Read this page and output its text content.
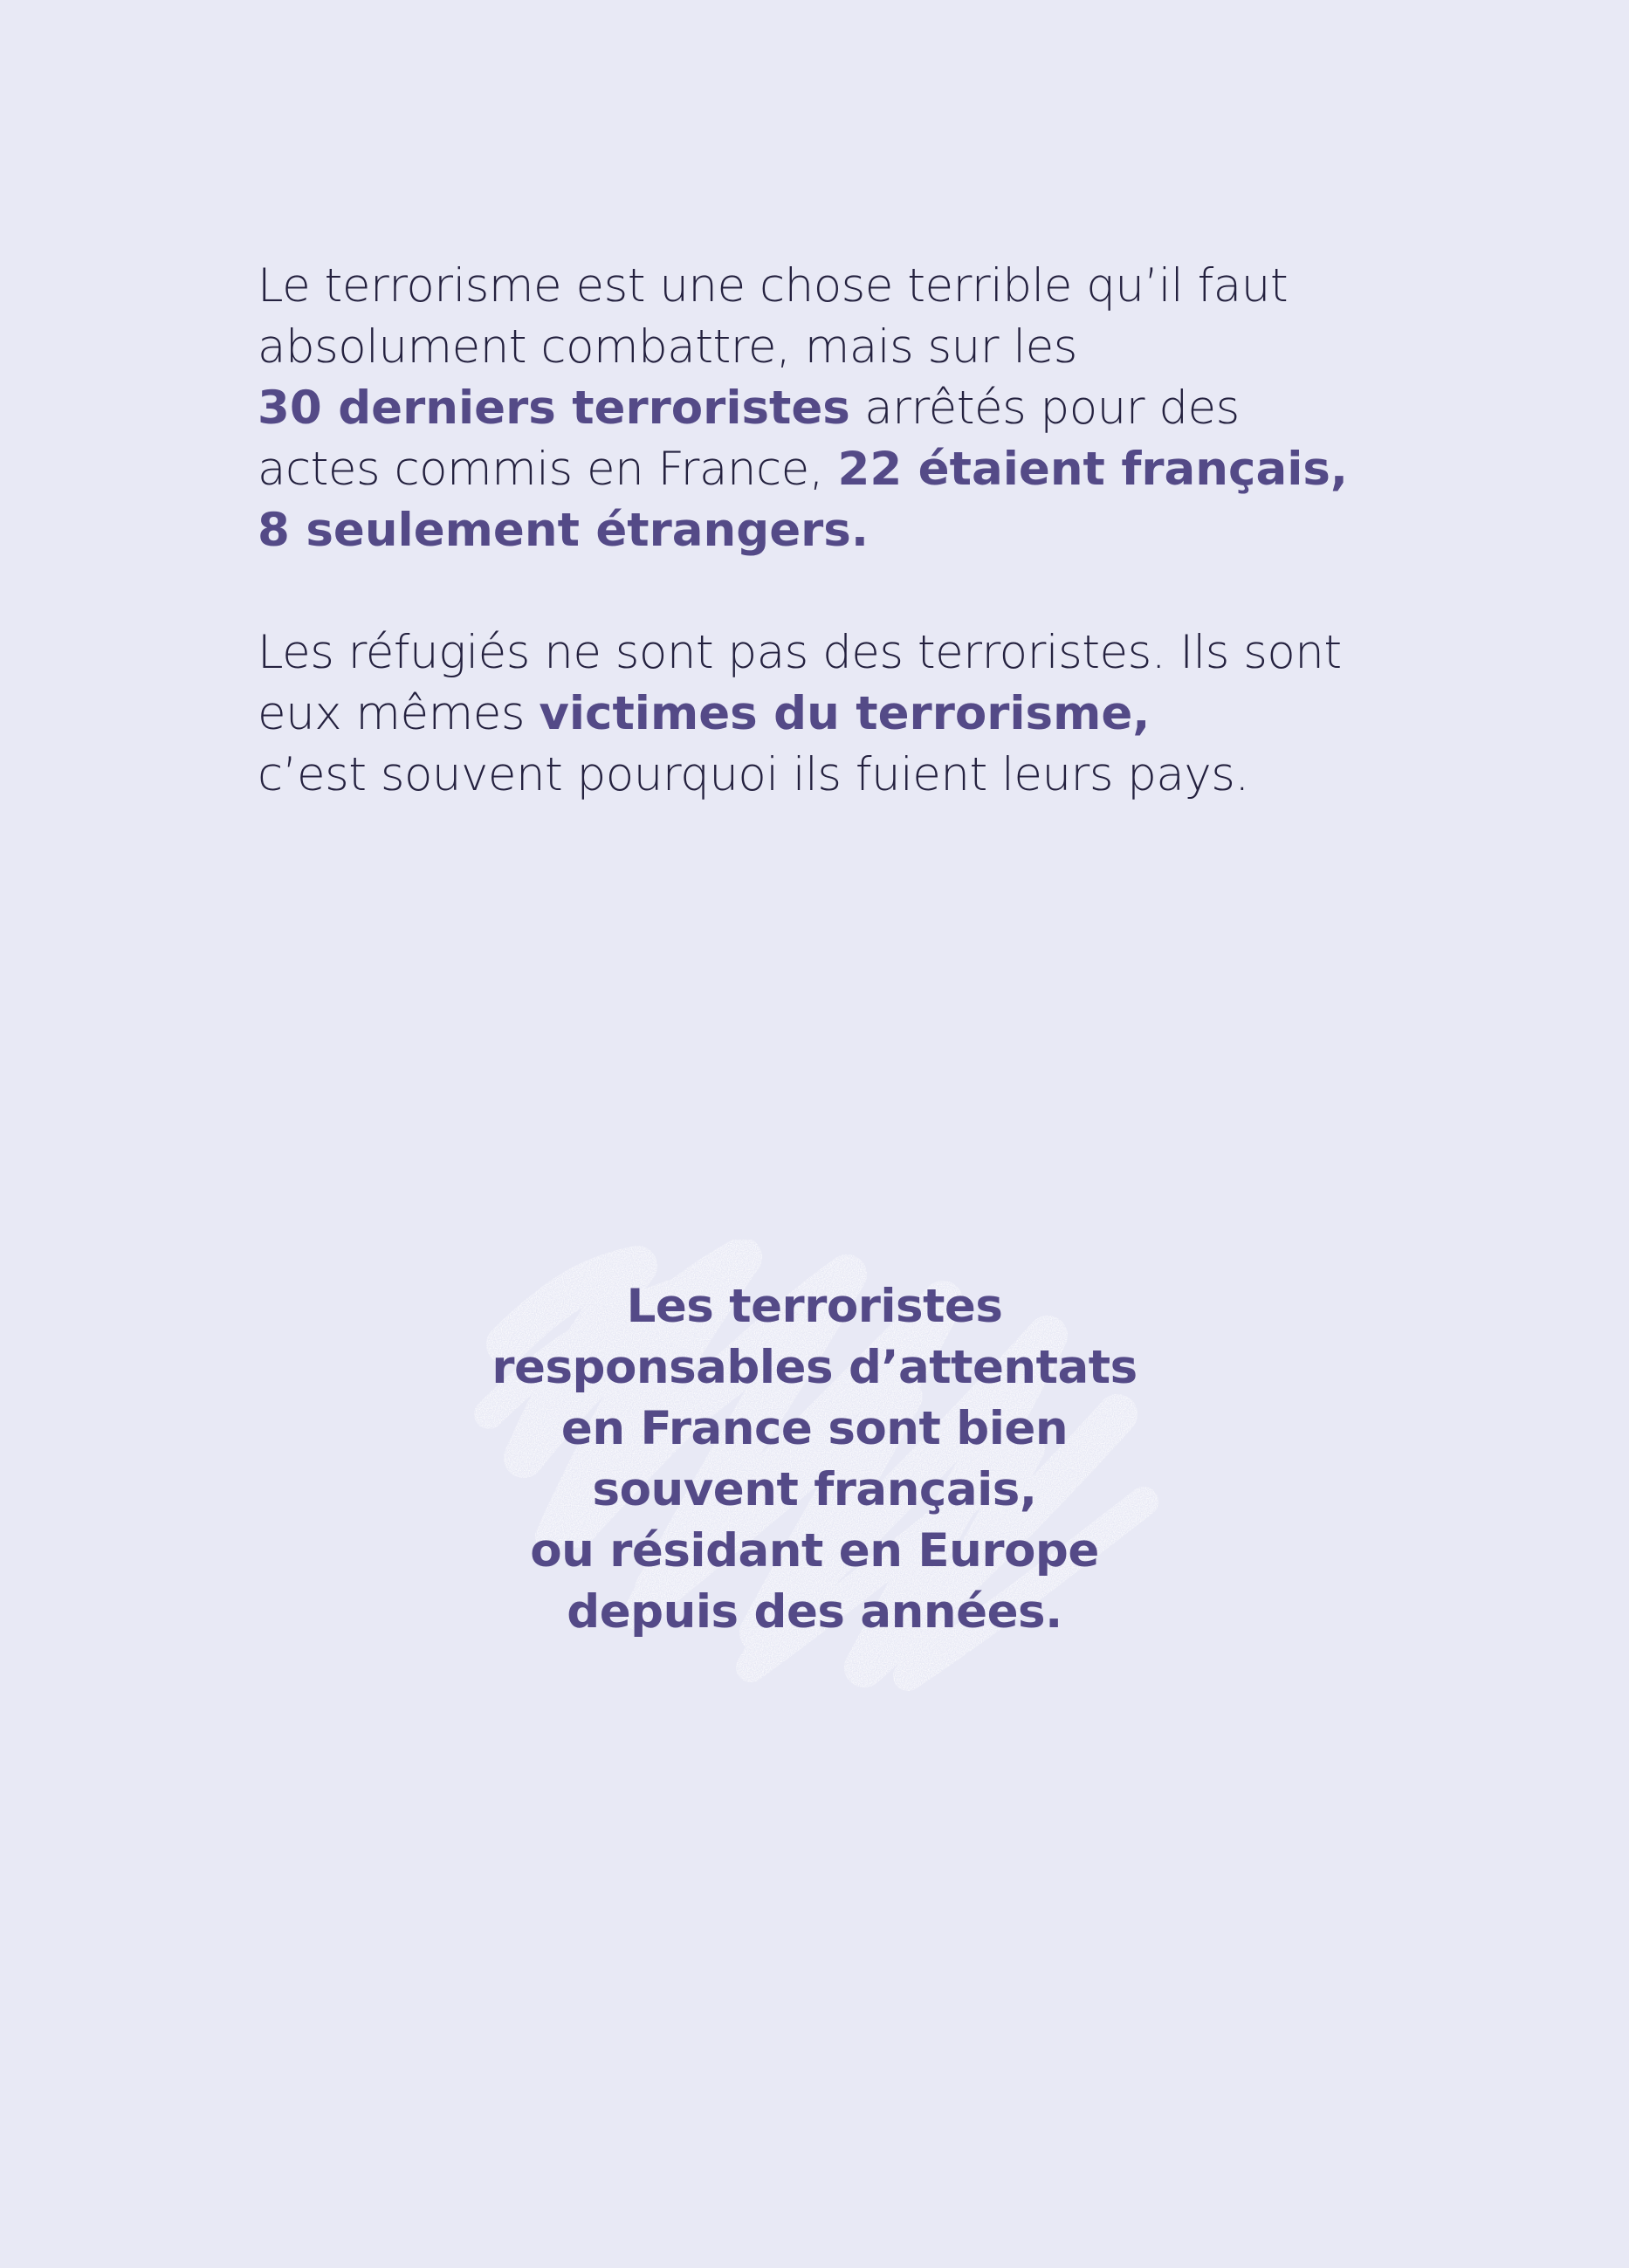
Le terrorisme est une chose terrible qu’il faut
absolument combattre, mais sur les
30 derniers terroristes arrêtés pour des
actes commis en France, 22 étaient français,
8 seulement étrangers.

Les réfugiés ne sont pas des terroristes. Ils sont
eux mêmes victimes du terrorisme,
c’est souvent pourquoi ils fuient leurs pays.

Les terroristes
responsables d’attentats
en France sont bien
souvent français,
ou résidant en Europe
depuis des années.
